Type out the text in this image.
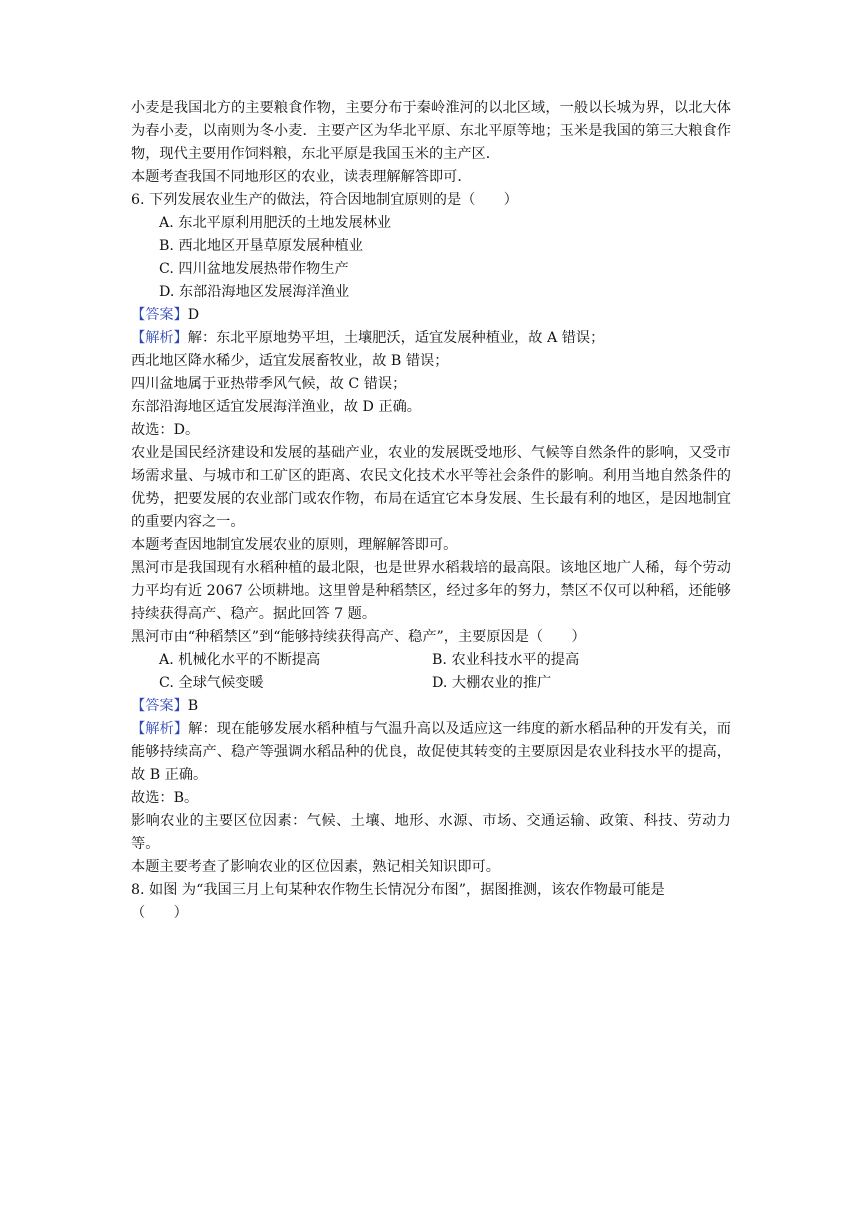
小麦是我国北方的主要粮食作物，主要分布于秦岭淮河的以北区域，一般以长城为界，以北大体为春小麦，以南则为冬小麦．主要产区为华北平原、东北平原等地；玉米是我国的第三大粮食作物，现代主要用作饲料粮，东北平原是我国玉米的主产区．
本题考查我国不同地形区的农业，读表理解解答即可．
6. 下列发展农业生产的做法，符合因地制宜原则的是（　　）
A. 东北平原利用肥沃的土地发展林业
B. 西北地区开垦草原发展种植业
C. 四川盆地发展热带作物生产
D. 东部沿海地区发展海洋渔业
【答案】D
【解析】解：东北平原地势平坦，土壤肥沃，适宜发展种植业，故 A 错误；
西北地区降水稀少，适宜发展畜牧业，故 B 错误；
四川盆地属于亚热带季风气候，故 C 错误；
东部沿海地区适宜发展海洋渔业，故 D 正确。
故选：D。
农业是国民经济建设和发展的基础产业，农业的发展既受地形、气候等自然条件的影响，又受市场需求量、与城市和工矿区的距离、农民文化技术水平等社会条件的影响。利用当地自然条件的优势，把要发展的农业部门或农作物，布局在适宜它本身发展、生长最有利的地区，是因地制宜的重要内容之一。
本题考查因地制宜发展农业的原则，理解解答即可。
黑河市是我国现有水稻种植的最北限，也是世界水稻栽培的最高限。该地区地广人稀，每个劳动力平均有近 2067 公顷耕地。这里曾是种稻禁区，经过多年的努力，禁区不仅可以种稻，还能够持续获得高产、稳产。据此回答 7 题。
黑河市由“种稻禁区”到“能够持续获得高产、稳产”，主要原因是（　　）
A. 机械化水平的不断提高	B. 农业科技水平的提高
C. 全球气候变暖	D. 大棚农业的推广
【答案】B
【解析】解：现在能够发展水稻种植与气温升高以及适应这一纬度的新水稻品种的开发有关，而能够持续高产、稳产等强调水稻品种的优良，故促使其转变的主要原因是农业科技水平的提高，故 B 正确。
故选：B。
影响农业的主要区位因素：气候、土壤、地形、水源、市场、交通运输、政策、科技、劳动力等。
本题主要考查了影响农业的区位因素，熟记相关知识即可。
8. 如图 为“我国三月上旬某种农作物生长情况分布图”，据图推测，该农作物最可能是
（　　）
